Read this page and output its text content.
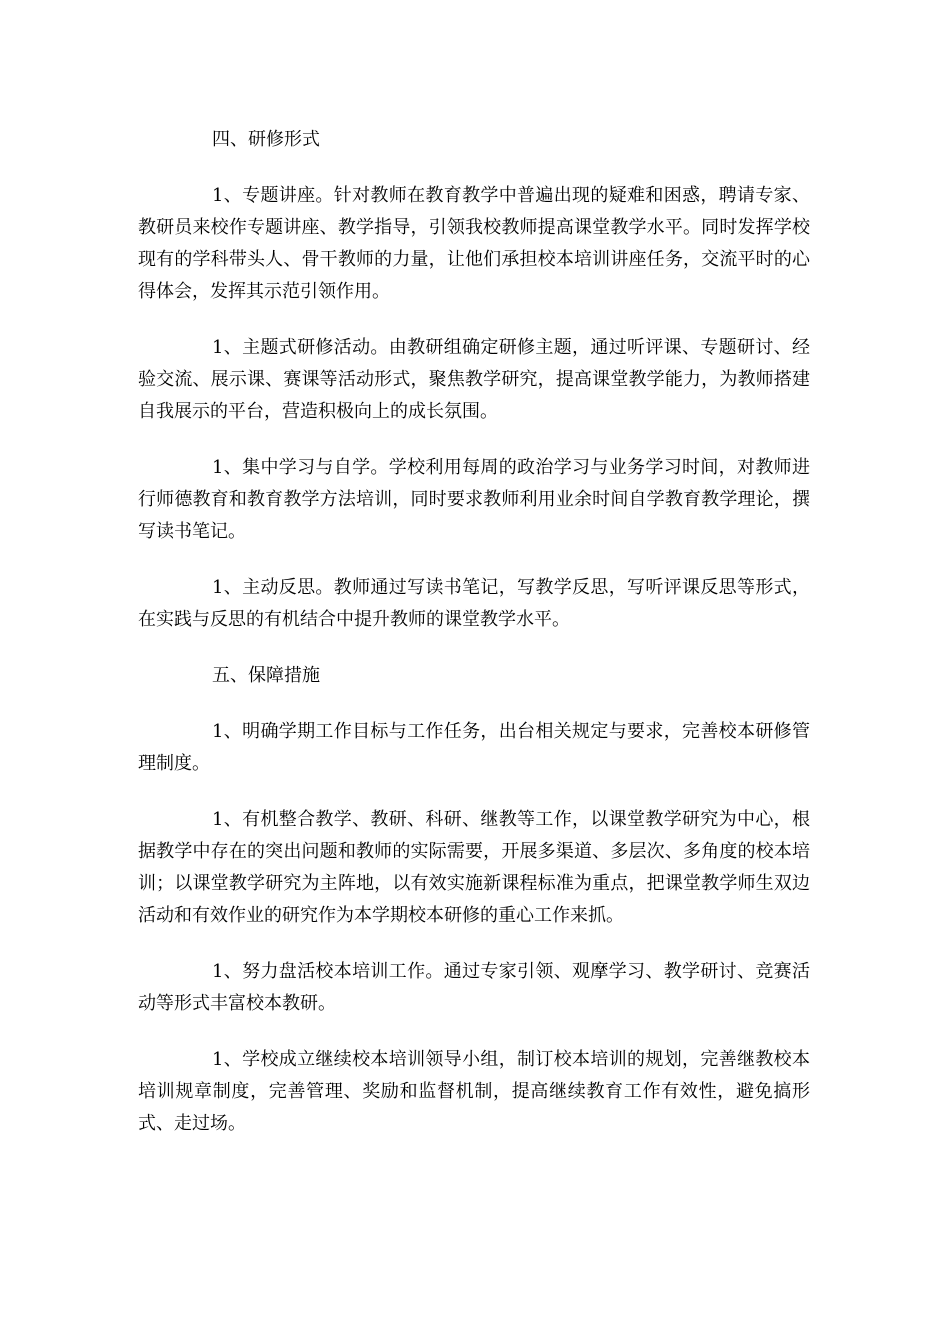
四、研修形式

1、专题讲座。针对教师在教育教学中普遍出现的疑难和困惑，聘请专家、教研员来校作专题讲座、教学指导，引领我校教师提高课堂教学水平。同时发挥学校现有的学科带头人、骨干教师的力量，让他们承担校本培训讲座任务，交流平时的心得体会，发挥其示范引领作用。

1、主题式研修活动。由教研组确定研修主题，通过听评课、专题研讨、经验交流、展示课、赛课等活动形式，聚焦教学研究，提高课堂教学能力，为教师搭建自我展示的平台，营造积极向上的成长氛围。

1、集中学习与自学。学校利用每周的政治学习与业务学习时间，对教师进行师德教育和教育教学方法培训，同时要求教师利用业余时间自学教育教学理论，撰写读书笔记。

1、主动反思。教师通过写读书笔记，写教学反思，写听评课反思等形式，在实践与反思的有机结合中提升教师的课堂教学水平。

五、保障措施

1、明确学期工作目标与工作任务，出台相关规定与要求，完善校本研修管理制度。

1、有机整合教学、教研、科研、继教等工作，以课堂教学研究为中心，根据教学中存在的突出问题和教师的实际需要，开展多渠道、多层次、多角度的校本培训；以课堂教学研究为主阵地，以有效实施新课程标准为重点，把课堂教学师生双边活动和有效作业的研究作为本学期校本研修的重心工作来抓。

1、努力盘活校本培训工作。通过专家引领、观摩学习、教学研讨、竞赛活动等形式丰富校本教研。

1、学校成立继续校本培训领导小组，制订校本培训的规划，完善继教校本培训规章制度，完善管理、奖励和监督机制，提高继续教育工作有效性，避免搞形式、走过场。
